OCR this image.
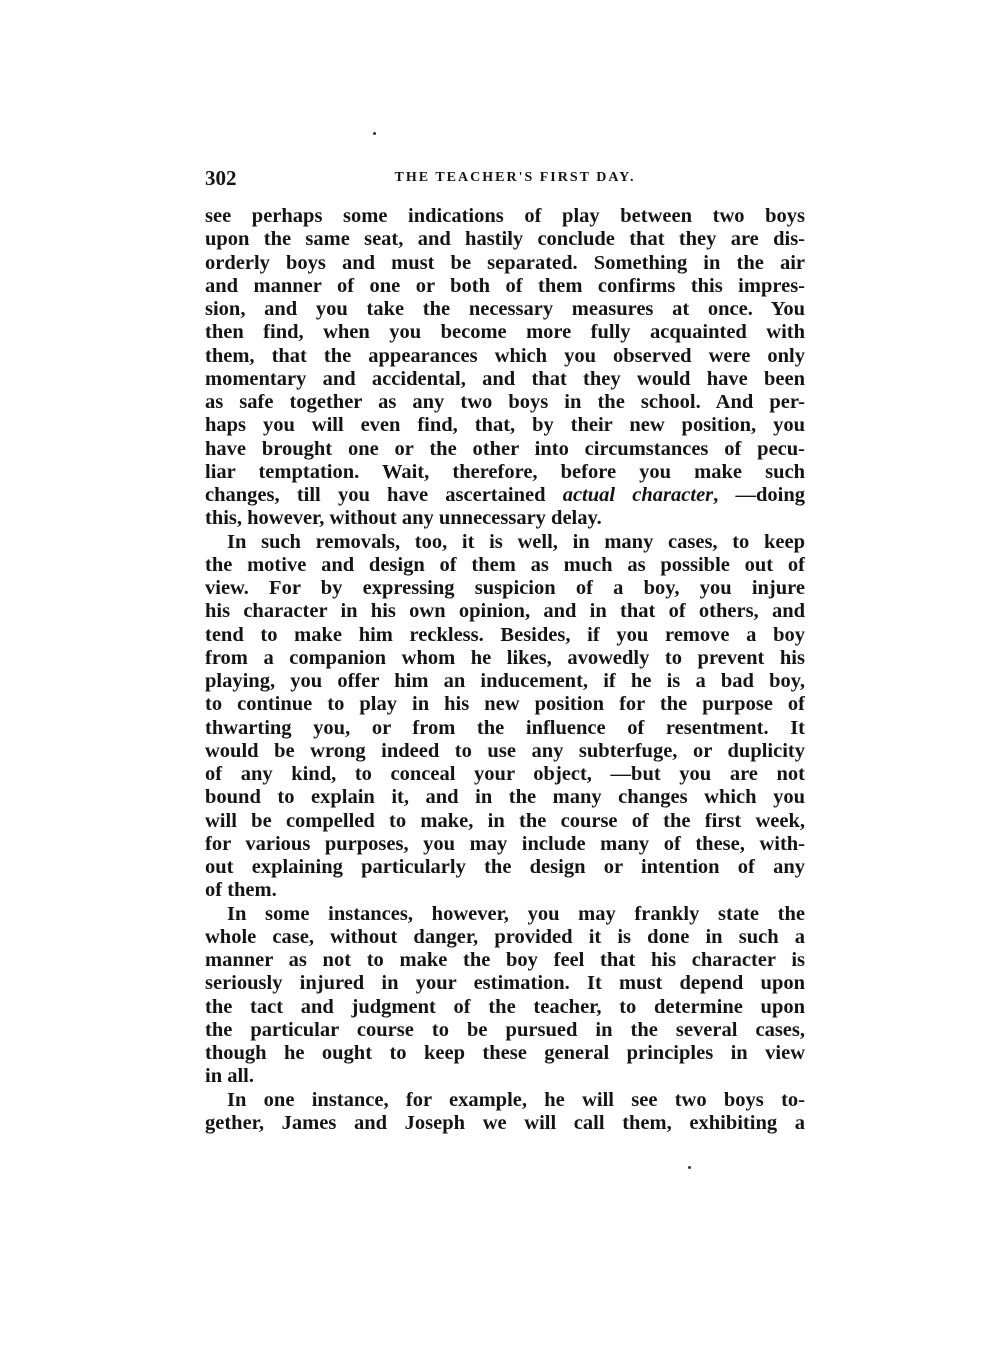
302	THE TEACHER'S FIRST DAY.
see perhaps some indications of play between two boys
upon the same seat, and hastily conclude that they are dis-
orderly boys and must be separated. Something in the air
and manner of one or both of them confirms this impres-
sion, and you take the necessary measures at once. You
then find, when you become more fully acquainted with
them, that the appearances which you observed were only
momentary and accidental, and that they would have been
as safe together as any two boys in the school. And per-
haps you will even find, that, by their new position, you
have brought one or the other into circumstances of pecu-
liar temptation. Wait, therefore, before you make such
changes, till you have ascertained actual character, —doing
this, however, without any unnecessary delay.
In such removals, too, it is well, in many cases, to keep
the motive and design of them as much as possible out of
view. For by expressing suspicion of a boy, you injure
his character in his own opinion, and in that of others, and
tend to make him reckless. Besides, if you remove a boy
from a companion whom he likes, avowedly to prevent his
playing, you offer him an inducement, if he is a bad boy,
to continue to play in his new position for the purpose of
thwarting you, or from the influence of resentment. It
would be wrong indeed to use any subterfuge, or duplicity
of any kind, to conceal your object, —but you are not
bound to explain it, and in the many changes which you
will be compelled to make, in the course of the first week,
for various purposes, you may include many of these, with-
out explaining particularly the design or intention of any
of them.
In some instances, however, you may frankly state the
whole case, without danger, provided it is done in such a
manner as not to make the boy feel that his character is
seriously injured in your estimation. It must depend upon
the tact and judgment of the teacher, to determine upon
the particular course to be pursued in the several cases,
though he ought to keep these general principles in view
in all.
In one instance, for example, he will see two boys to-
gether, James and Joseph we will call them, exhibiting a
